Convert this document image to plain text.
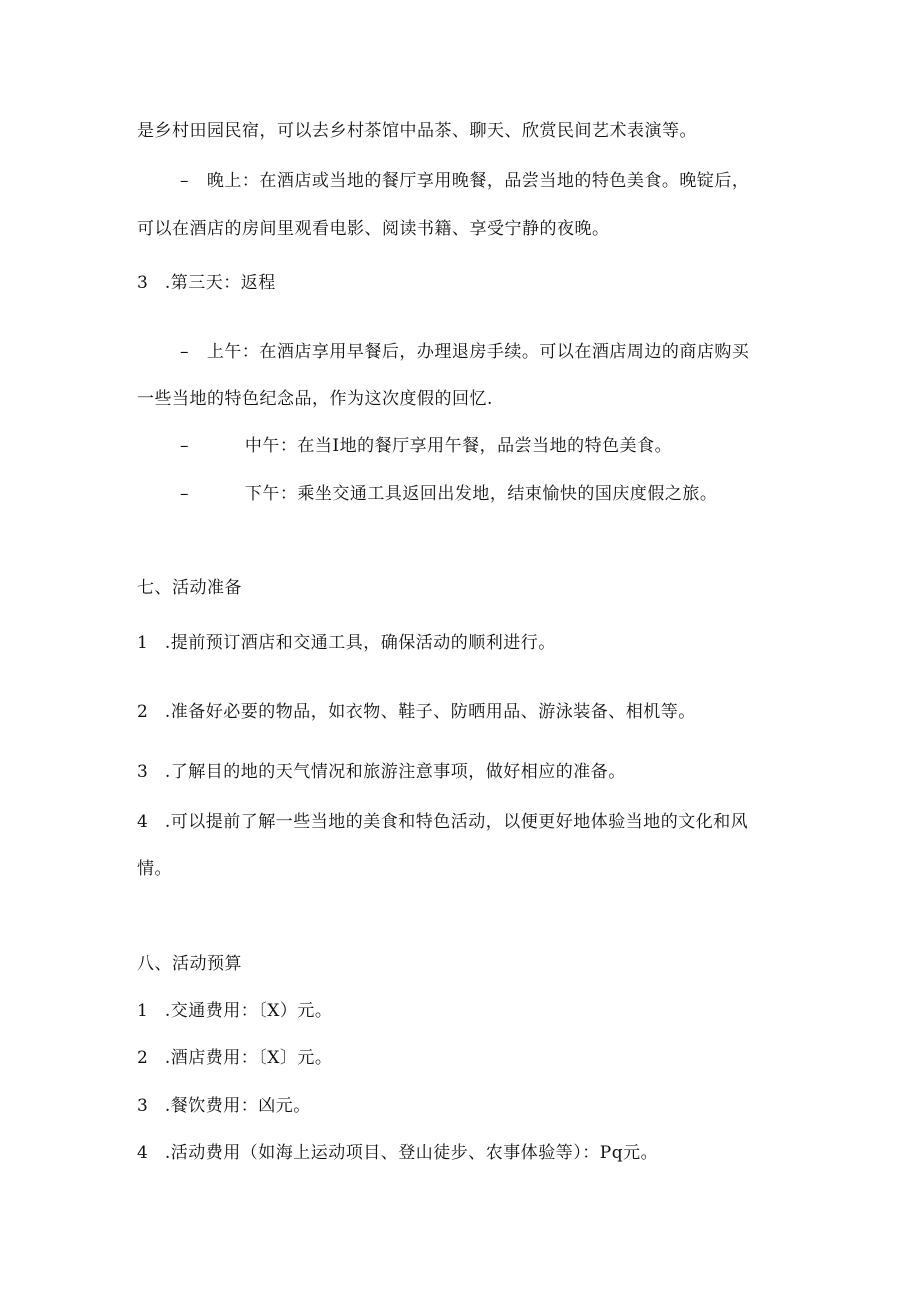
是乡村田园民宿，可以去乡村茶馆中品茶、聊天、欣赏民间艺术表演等。
– 晚上：在酒店或当地的餐厅享用晚餐，品尝当地的特色美食。晚锭后，
可以在酒店的房间里观看电影、阅读书籍、享受宁静的夜晚。
3 .第三天：返程
– 上午：在酒店享用早餐后，办理退房手续。可以在酒店周边的商店购买
一些当地的特色纪念品，作为这次度假的回忆.
–	中午：在当I地的餐厅享用午餐，品尝当地的特色美食。
–	下午：乘坐交通工具返回出发地，结束愉快的国庆度假之旅。
七、活动准备
1 .提前预订酒店和交通工具，确保活动的顺利进行。
2 .准备好必要的物品，如衣物、鞋子、防晒用品、游泳装备、相机等。
3 .了解目的地的天气情况和旅游注意事项，做好相应的准备。
4 .可以提前了解一些当地的美食和特色活动，以便更好地体验当地的文化和风
情。
八、活动预算
1 .交通费用：〔X）元。
2 .酒店费用：〔X〕元。
3 .餐饮费用：凶元。
4 .活动费用（如海上运动项目、登山徒步、农事体验等）：Pq元。
